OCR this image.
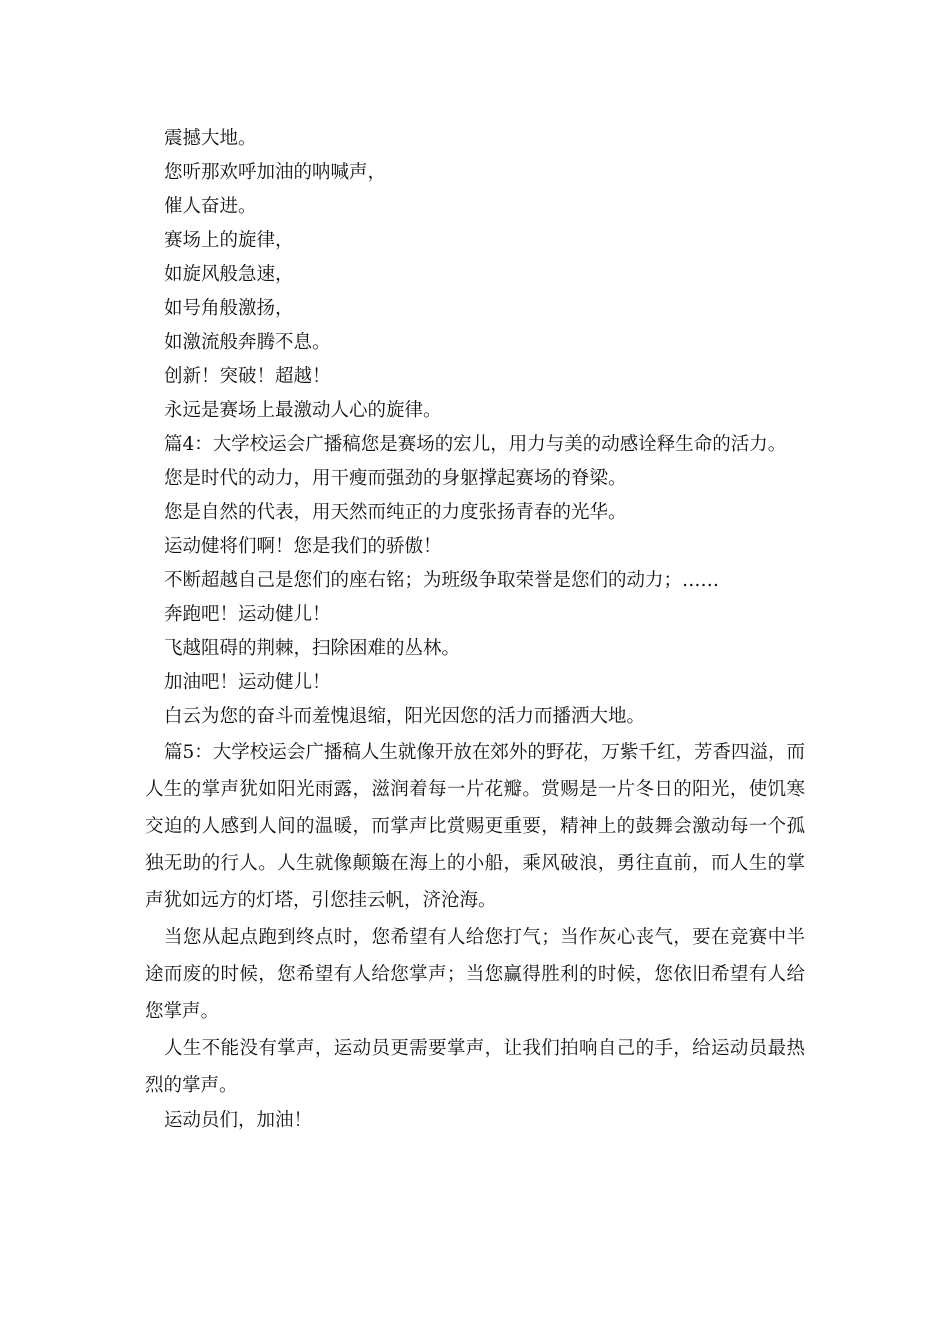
震撼大地。
您听那欢呼加油的呐喊声，
催人奋进。
赛场上的旋律，
如旋风般急速，
如号角般激扬，
如激流般奔腾不息。
创新！突破！超越！
永远是赛场上最激动人心的旋律。
篇4：大学校运会广播稿您是赛场的宏儿，用力与美的动感诠释生命的活力。
您是时代的动力，用干瘦而强劲的身躯撑起赛场的脊梁。
您是自然的代表，用天然而纯正的力度张扬青春的光华。
运动健将们啊！您是我们的骄傲！
不断超越自己是您们的座右铭；为班级争取荣誉是您们的动力；……
奔跑吧！运动健儿！
飞越阻碍的荆棘，扫除困难的丛林。
加油吧！运动健儿！
白云为您的奋斗而羞愧退缩，阳光因您的活力而播洒大地。

篇5：大学校运会广播稿人生就像开放在郊外的野花，万紫千红，芳香四溢，而人生的掌声犹如阳光雨露，滋润着每一片花瓣。赏赐是一片冬日的阳光，使饥寒交迫的人感到人间的温暖，而掌声比赏赐更重要，精神上的鼓舞会激动每一个孤独无助的行人。人生就像颠簸在海上的小船，乘风破浪，勇往直前，而人生的掌声犹如远方的灯塔，引您挂云帆，济沧海。

当您从起点跑到终点时，您希望有人给您打气；当作灰心丧气，要在竞赛中半途而废的时候，您希望有人给您掌声；当您赢得胜利的时候，您依旧希望有人给您掌声。

人生不能没有掌声，运动员更需要掌声，让我们拍响自己的手，给运动员最热烈的掌声。

运动员们，加油！
